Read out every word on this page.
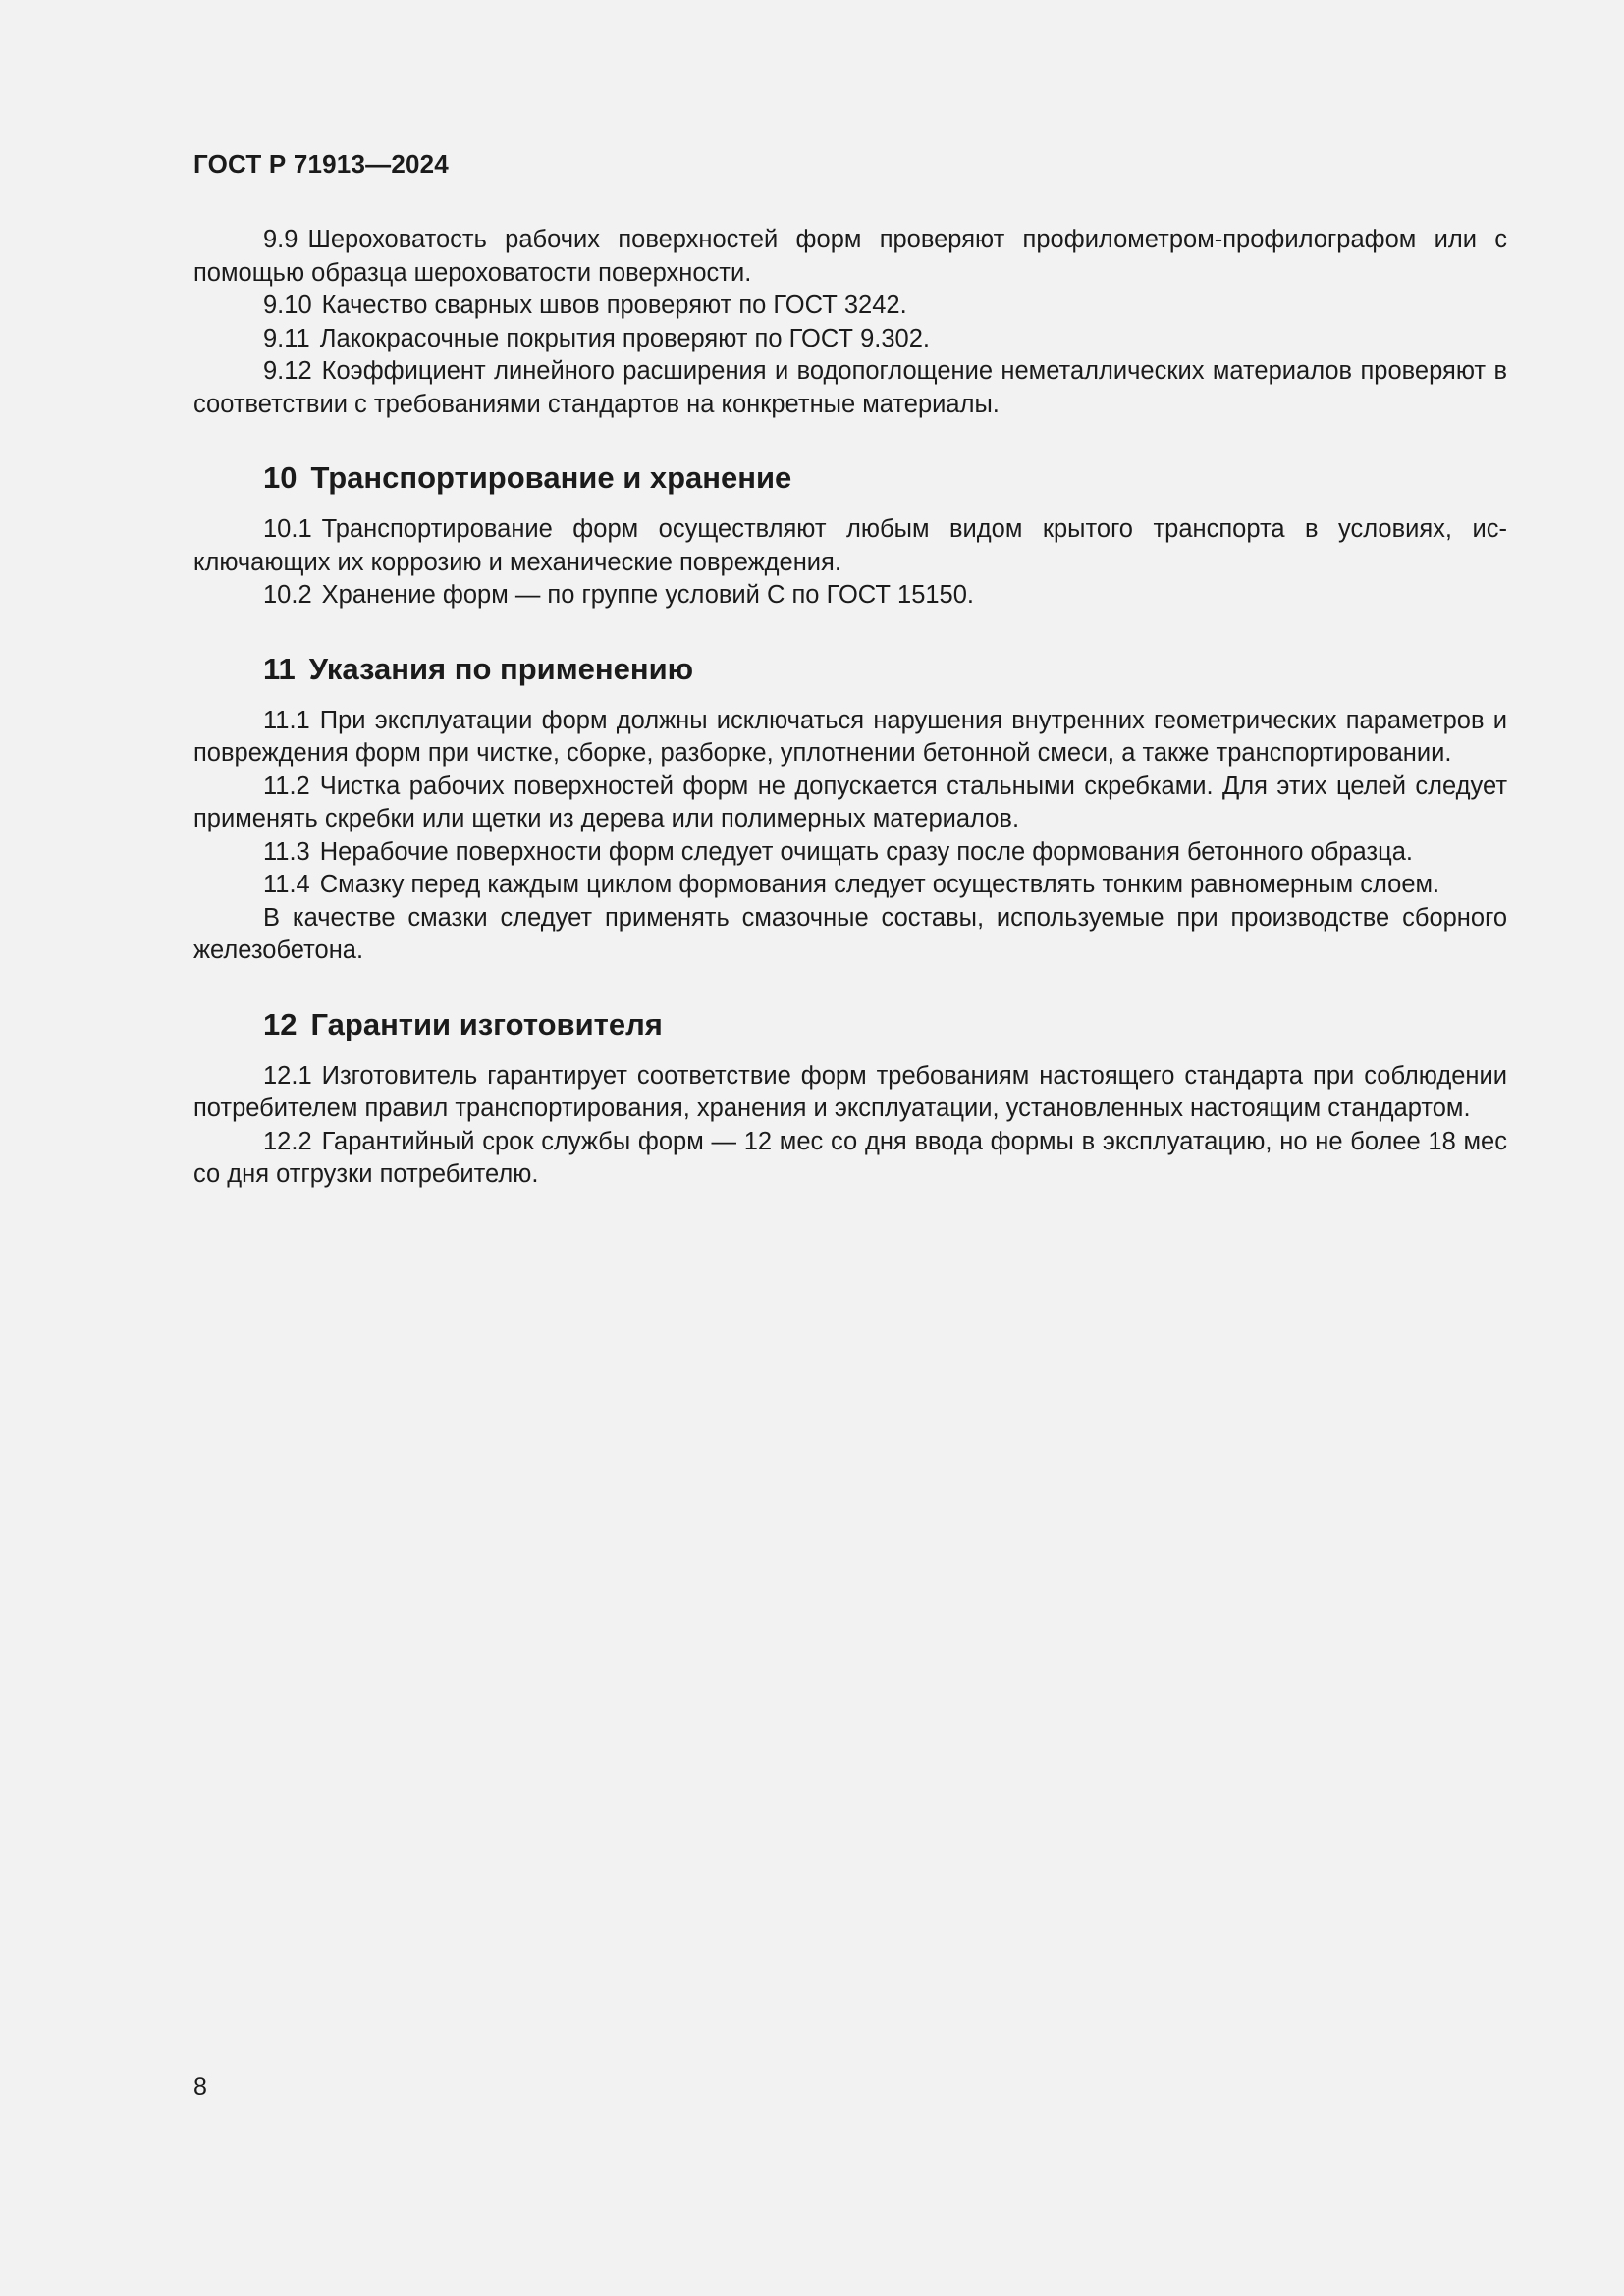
ГОСТ Р 71913—2024

9.9 Шероховатость рабочих поверхностей форм проверяют профилометром-профилографом или с помощью образца шероховатости поверхности.

9.10 Качество сварных швов проверяют по ГОСТ 3242.

9.11 Лакокрасочные покрытия проверяют по ГОСТ 9.302.

9.12 Коэффициент линейного расширения и водопоглощение неметаллических материалов проверяют в соответствии с требованиями стандартов на конкретные материалы.

10 Транспортирование и хранение

10.1 Транспортирование форм осуществляют любым видом крытого транспорта в условиях, исключающих их коррозию и механические повреждения.

10.2 Хранение форм — по группе условий С по ГОСТ 15150.

11 Указания по применению

11.1 При эксплуатации форм должны исключаться нарушения внутренних геометрических параметров и повреждения форм при чистке, сборке, разборке, уплотнении бетонной смеси, а также транспортировании.

11.2 Чистка рабочих поверхностей форм не допускается стальными скребками. Для этих целей следует применять скребки или щетки из дерева или полимерных материалов.

11.3 Нерабочие поверхности форм следует очищать сразу после формования бетонного образца.

11.4 Смазку перед каждым циклом формования следует осуществлять тонким равномерным слоем.

В качестве смазки следует применять смазочные составы, используемые при производстве сборного железобетона.

12 Гарантии изготовителя

12.1 Изготовитель гарантирует соответствие форм требованиям настоящего стандарта при соблюдении потребителем правил транспортирования, хранения и эксплуатации, установленных настоящим стандартом.

12.2 Гарантийный срок службы форм — 12 мес со дня ввода формы в эксплуатацию, но не более 18 мес со дня отгрузки потребителю.

8
